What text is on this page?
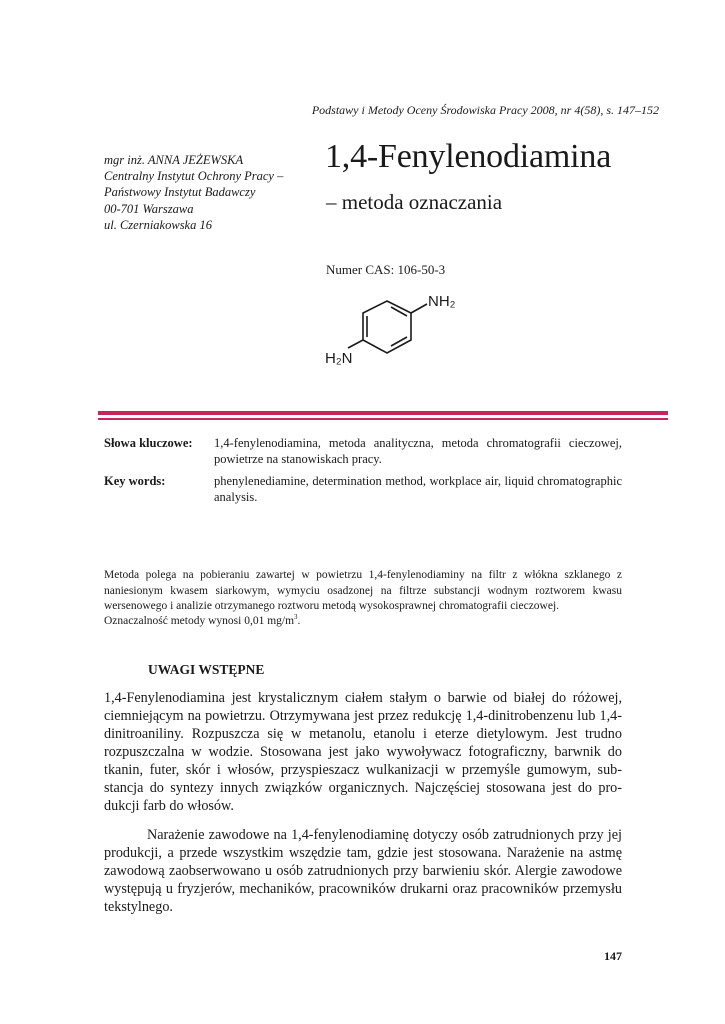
Podstawy i Metody Oceny Środowiska Pracy 2008, nr 4(58), s. 147–152
mgr inż. ANNA JEŻEWSKA
Centralny Instytut Ochrony Pracy –
Państwowy Instytut Badawczy
00-701 Warszawa
ul. Czerniakowska 16
1,4-Fenylenodiamina
– metoda oznaczania
Numer CAS: 106-50-3
NH₂
H₂N
Słowa kluczowe:	1,4-fenylenodiamina, metoda analityczna, metoda chromatografii cieczowej, powietrze na stanowiskach pracy.
Key words:	phenylenediamine, determination method, workplace air, liquid chromatographic analysis.
Metoda polega na pobieraniu zawartej w powietrzu 1,4-fenylenodiaminy na filtr z włókna szklanego z naniesionym kwasem siarkowym, wymyciu osadzonej na filtrze substancji wodnym roztworem kwasu wersenowego i analizie otrzymanego roztworu metodą wysokosprawnej chromatografii cieczowej.
Oznaczalność metody wynosi 0,01 $mg/m^3$.
UWAGI WSTĘPNE
1,4-Fenylenodiamina jest krystalicznym ciałem stałym o barwie od białej do różowej, ciemniejącym na powietrzu. Otrzymywana jest przez redukcję 1,4-dinitrobenzenu lub 1,4-dinitroaniliny. Rozpuszcza się w metanolu, etanolu i eterze dietylowym. Jest trudno rozpuszczalna w wodzie. Stosowana jest jako wywoływacz fotograficzny, barwnik do tkanin, futer, skór i włosów, przyspieszacz wulkanizacji w przemyśle gumowym, substancja do syntezy innych związków organicznych. Najczęściej stosowana jest do produkcji farb do włosów.
Narażenie zawodowe na 1,4-fenylenodiaminę dotyczy osób zatrudnionych przy jej produkcji, a przede wszystkim wszędzie tam, gdzie jest stosowana. Narażenie na astmę zawodową zaobserwowano u osób zatrudnionych przy barwieniu skór. Alergie zawodowe występują u fryzjerów, mechaników, pracowników drukarni oraz pracowników przemysłu tekstylnego.
147
